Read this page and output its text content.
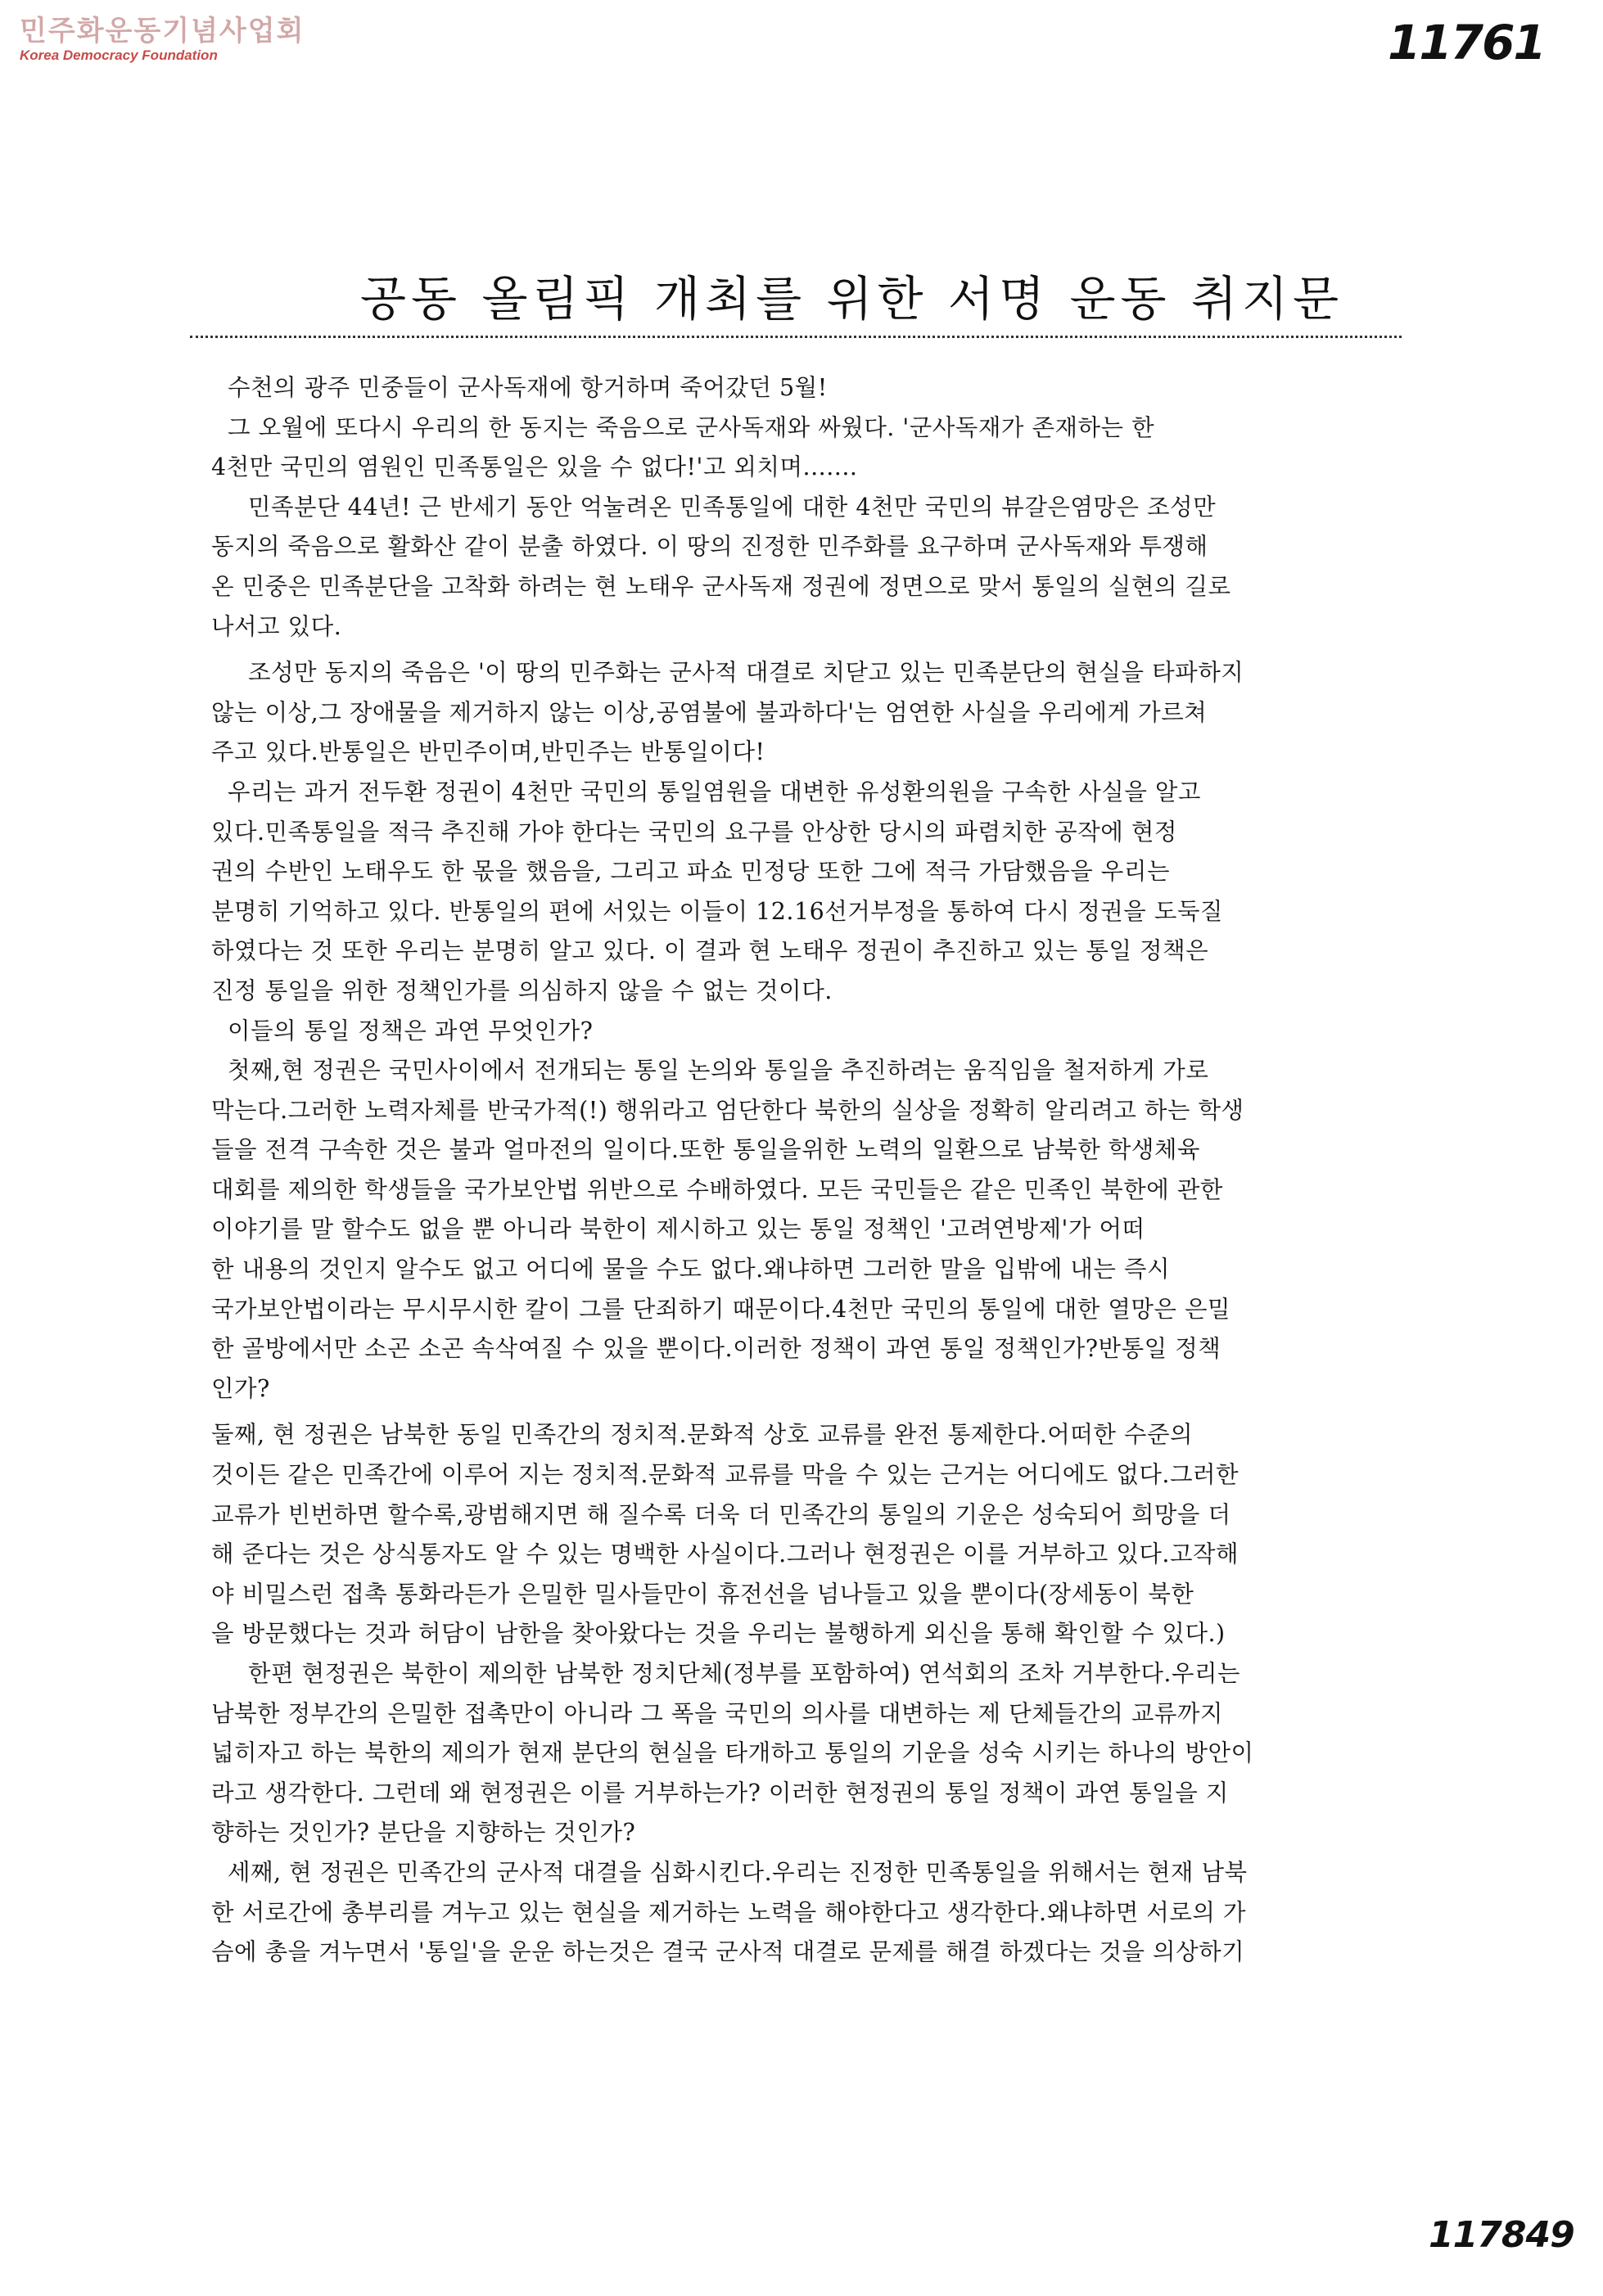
민주화운동기념사업회
Korea Democracy Foundation	11761
공동 올림픽 개최를 위한 서명 운동 취지문
수천의 광주 민중들이 군사독재에 항거하며 죽어갔던 5월!
그 오월에 또다시 우리의 한 동지는 죽음으로 군사독재와 싸웠다. '군사독재가 존재하는 한
4천만 국민의 염원인 민족통일은 있을 수 없다!'고 외치며.......
민족분단 44년! 근 반세기 동안 억눌려온 민족통일에 대한 4천만 국민의 뷰갈은염망은 조성만
동지의 죽음으로 활화산 같이 분출 하였다. 이 땅의 진정한 민주화를 요구하며 군사독재와 투쟁해
온 민중은 민족분단을 고착화 하려는 현 노태우 군사독재 정권에 정면으로 맞서 통일의 실현의 길로
나서고 있다.
조성만 동지의 죽음은 '이 땅의 민주화는 군사적 대결로 치닫고 있는 민족분단의 현실을 타파하지
않는 이상,그 장애물을 제거하지 않는 이상,공염불에 불과하다'는 엄연한 사실을 우리에게 가르쳐
주고 있다.반통일은 반민주이며,반민주는 반통일이다!
우리는 과거 전두환 정권이 4천만 국민의 통일염원을 대변한 유성환의원을 구속한 사실을 알고
있다.민족통일을 적극 추진해 가야 한다는 국민의 요구를 안상한 당시의 파렴치한 공작에 현정
권의 수반인 노태우도 한 몫을 했음을, 그리고 파쇼 민정당 또한 그에 적극 가담했음을 우리는
분명히 기억하고 있다. 반통일의 편에 서있는 이들이 12.16선거부정을 통하여 다시 정권을 도둑질
하였다는 것 또한 우리는 분명히 알고 있다. 이 결과 현 노태우 정권이 추진하고 있는 통일 정책은
진정 통일을 위한 정책인가를 의심하지 않을 수 없는 것이다.
이들의 통일 정책은 과연 무엇인가?
첫째,현 정권은 국민사이에서 전개되는 통일 논의와 통일을 추진하려는 움직임을 철저하게 가로
막는다.그러한 노력자체를 반국가적(!) 행위라고 엄단한다 북한의 실상을 정확히 알리려고 하는 학생
들을 전격 구속한 것은 불과 얼마전의 일이다.또한 통일을위한 노력의 일환으로 남북한 학생체육
대회를 제의한 학생들을 국가보안법 위반으로 수배하였다. 모든 국민들은 같은 민족인 북한에 관한
이야기를 말 할수도 없을 뿐 아니라 북한이 제시하고 있는 통일 정책인 '고려연방제'가 어떠
한 내용의 것인지 알수도 없고 어디에 물을 수도 없다.왜냐하면 그러한 말을 입밖에 내는 즉시
국가보안법이라는 무시무시한 칼이 그를 단죄하기 때문이다.4천만 국민의 통일에 대한 열망은 은밀
한 골방에서만 소곤 소곤 속삭여질 수 있을 뿐이다.이러한 정책이 과연 통일 정책인가?반통일 정책
인가?
둘째, 현 정권은 남북한 동일 민족간의 정치적.문화적 상호 교류를 완전 통제한다.어떠한 수준의
것이든 같은 민족간에 이루어 지는 정치적.문화적 교류를 막을 수 있는 근거는 어디에도 없다.그러한
교류가 빈번하면 할수록,광범해지면 해 질수록 더욱 더 민족간의 통일의 기운은 성숙되어 희망을 더
해 준다는 것은 상식통자도 알 수 있는 명백한 사실이다.그러나 현정권은 이를 거부하고 있다.고작해
야 비밀스런 접촉 통화라든가 은밀한 밀사들만이 휴전선을 넘나들고 있을 뿐이다(장세동이 북한
을 방문했다는 것과 허담이 남한을 찾아왔다는 것을 우리는 불행하게 외신을 통해 확인할 수 있다.)
한편 현정권은 북한이 제의한 남북한 정치단체(정부를 포함하여) 연석회의 조차 거부한다.우리는
남북한 정부간의 은밀한 접촉만이 아니라 그 폭을 국민의 의사를 대변하는 제 단체들간의 교류까지
넓히자고 하는 북한의 제의가 현재 분단의 현실을 타개하고 통일의 기운을 성숙 시키는 하나의 방안이
라고 생각한다. 그런데 왜 현정권은 이를 거부하는가? 이러한 현정권의 통일 정책이 과연 통일을 지
향하는 것인가? 분단을 지향하는 것인가?
세째, 현 정권은 민족간의 군사적 대결을 심화시킨다.우리는 진정한 민족통일을 위해서는 현재 남북
한 서로간에 총부리를 겨누고 있는 현실을 제거하는 노력을 해야한다고 생각한다.왜냐하면 서로의 가
슴에 총을 겨누면서 '통일'을 운운 하는것은 결국 군사적 대결로 문제를 해결 하겠다는 것을 의상하기
117849
